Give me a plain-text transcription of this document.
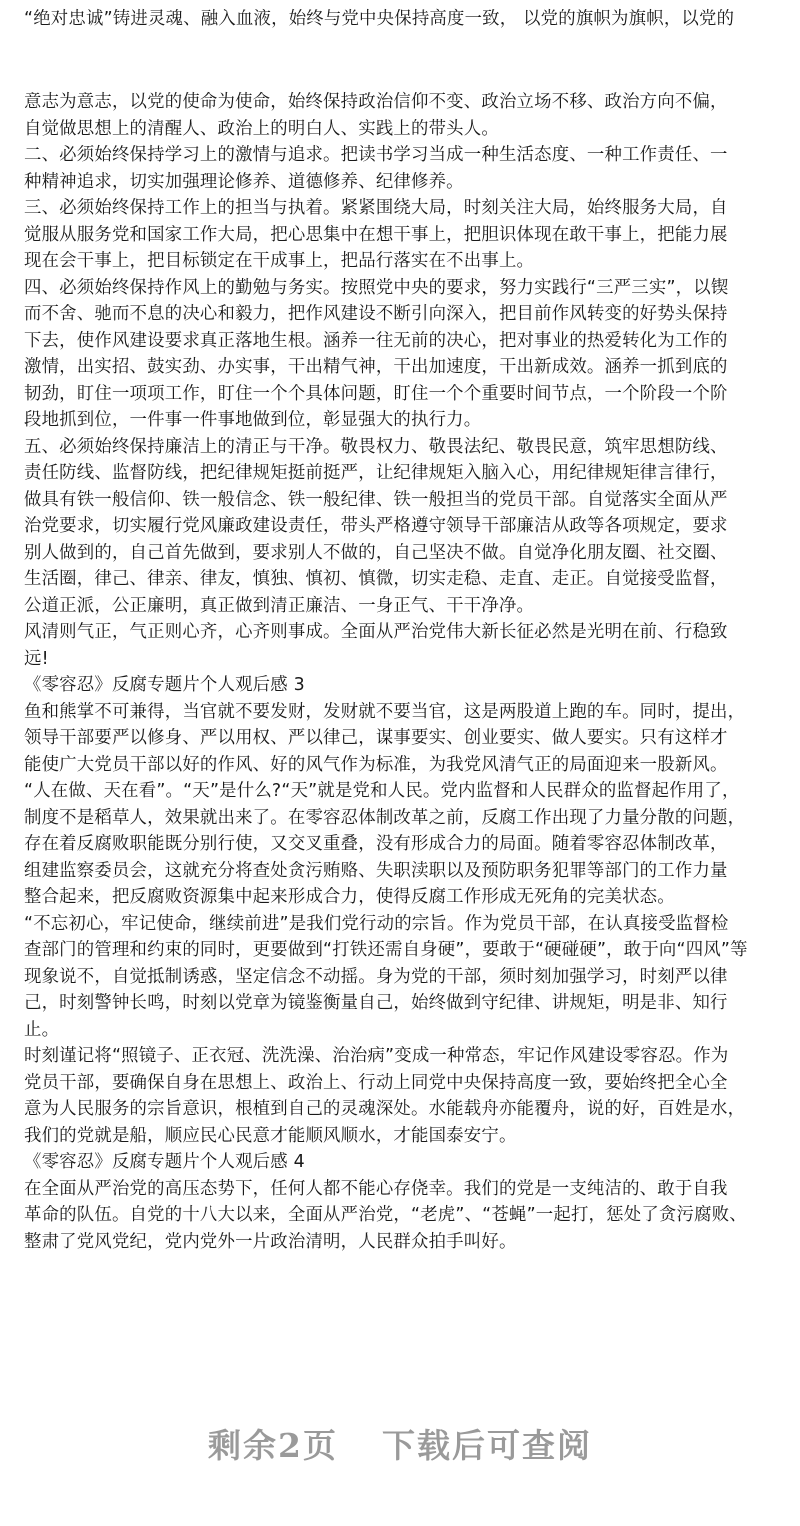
“绝对忠诚”铸进灵魂、融入血液，始终与党中央保持高度一致， 以党的旗帜为旗帜，以党的
意志为意志，以党的使命为使命，始终保持政治信仰不变、政治立场不移、政治方向不偏，
自觉做思想上的清醒人、政治上的明白人、实践上的带头人。
二、必须始终保持学习上的激情与追求。把读书学习当成一种生活态度、一种工作责任、一
种精神追求，切实加强理论修养、道德修养、纪律修养。
三、必须始终保持工作上的担当与执着。紧紧围绕大局，时刻关注大局，始终服务大局，自
觉服从服务党和国家工作大局，把心思集中在想干事上，把胆识体现在敢干事上，把能力展
现在会干事上，把目标锁定在干成事上，把品行落实在不出事上。
四、必须始终保持作风上的勤勉与务实。按照党中央的要求，努力实践行“三严三实”，以锲
而不舍、驰而不息的决心和毅力，把作风建设不断引向深入，把目前作风转变的好势头保持
下去，使作风建设要求真正落地生根。涵养一往无前的决心，把对事业的热爱转化为工作的
激情，出实招、鼓实劲、办实事，干出精气神，干出加速度，干出新成效。涵养一抓到底的
韧劲，盯住一项项工作，盯住一个个具体问题，盯住一个个重要时间节点，一个阶段一个阶
段地抓到位，一件事一件事地做到位，彰显强大的执行力。
五、必须始终保持廉洁上的清正与干净。敬畏权力、敬畏法纪、敬畏民意，筑牢思想防线、
责任防线、监督防线，把纪律规矩挺前挺严，让纪律规矩入脑入心，用纪律规矩律言律行，
做具有铁一般信仰、铁一般信念、铁一般纪律、铁一般担当的党员干部。自觉落实全面从严
治党要求，切实履行党风廉政建设责任，带头严格遵守领导干部廉洁从政等各项规定，要求
别人做到的，自己首先做到，要求别人不做的，自己坚决不做。自觉净化朋友圈、社交圈、
生活圈，律己、律亲、律友，慎独、慎初、慎微，切实走稳、走直、走正。自觉接受监督，
公道正派，公正廉明，真正做到清正廉洁、一身正气、干干净净。
风清则气正，气正则心齐，心齐则事成。全面从严治党伟大新长征必然是光明在前、行稳致
远!
《零容忍》反腐专题片个人观后感 3
鱼和熊掌不可兼得，当官就不要发财，发财就不要当官，这是两股道上跑的车。同时，提出，
领导干部要严以修身、严以用权、严以律己，谋事要实、创业要实、做人要实。只有这样才
能使广大党员干部以好的作风、好的风气作为标准，为我党风清气正的局面迎来一股新风。
“人在做、天在看”。“天”是什么?“天”就是党和人民。党内监督和人民群众的监督起作用了，
制度不是稻草人，效果就出来了。在零容忍体制改革之前，反腐工作出现了力量分散的问题，
存在着反腐败职能既分别行使，又交叉重叠，没有形成合力的局面。随着零容忍体制改革，
组建监察委员会，这就充分将查处贪污贿赂、失职渎职以及预防职务犯罪等部门的工作力量
整合起来，把反腐败资源集中起来形成合力，使得反腐工作形成无死角的完美状态。
“不忘初心，牢记使命，继续前进”是我们党行动的宗旨。作为党员干部，在认真接受监督检
查部门的管理和约束的同时，更要做到“打铁还需自身硬”，要敢于“硬碰硬”，敢于向“四风”等
现象说不，自觉抵制诱惑，坚定信念不动摇。身为党的干部，须时刻加强学习，时刻严以律
己，时刻警钟长鸣，时刻以党章为镜鉴衡量自己，始终做到守纪律、讲规矩，明是非、知行
止。
时刻谨记将“照镜子、正衣冠、洗洗澡、治治病”变成一种常态，牢记作风建设零容忍。作为
党员干部，要确保自身在思想上、政治上、行动上同党中央保持高度一致，要始终把全心全
意为人民服务的宗旨意识，根植到自己的灵魂深处。水能载舟亦能覆舟，说的好，百姓是水，
我们的党就是船，顺应民心民意才能顺风顺水，才能国泰安宁。
《零容忍》反腐专题片个人观后感 4
在全面从严治党的高压态势下，任何人都不能心存侥幸。我们的党是一支纯洁的、敢于自我
革命的队伍。自党的十八大以来，全面从严治党，“老虎”、“苍蝇”一起打，惩处了贪污腐败、
整肃了党风党纪，党内党外一片政治清明，人民群众拍手叫好。
剩余2页 下载后可查阅
